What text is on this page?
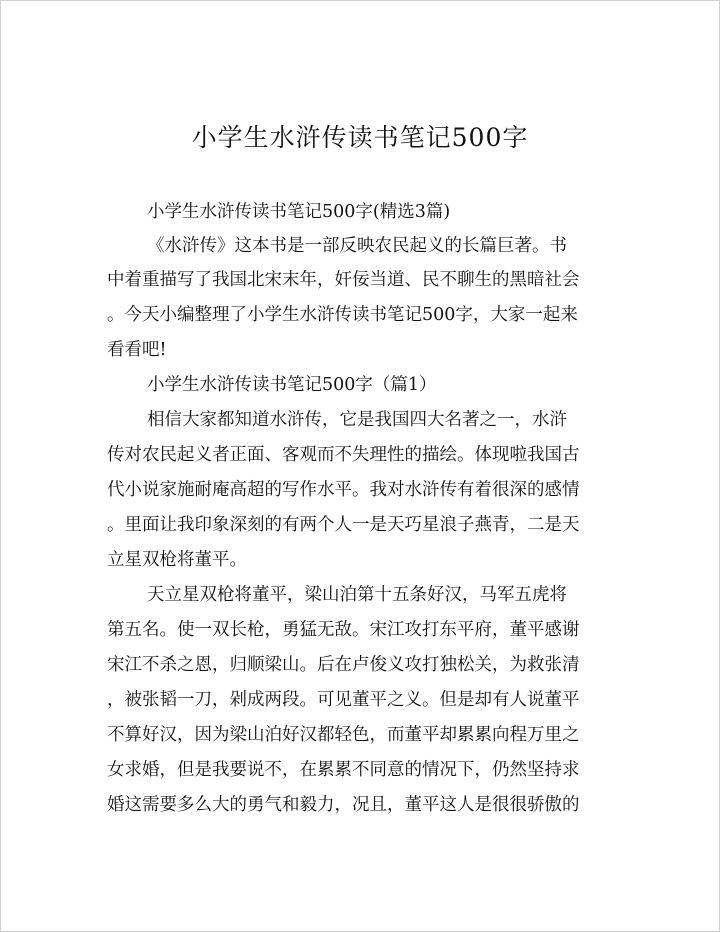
小学生水浒传读书笔记500字
小学生水浒传读书笔记500字(精选3篇)
《水浒传》这本书是一部反映农民起义的长篇巨著。书
中着重描写了我国北宋末年，奸佞当道、民不聊生的黑暗社会
。今天小编整理了小学生水浒传读书笔记500字，大家一起来
看看吧!
小学生水浒传读书笔记500字（篇1）
相信大家都知道水浒传，它是我国四大名著之一，水浒
传对农民起义者正面、客观而不失理性的描绘。体现啦我国古
代小说家施耐庵高超的写作水平。我对水浒传有着很深的感情
。里面让我印象深刻的有两个人一是天巧星浪子燕青，二是天
立星双枪将董平。
天立星双枪将董平，梁山泊第十五条好汉，马军五虎将
第五名。使一双长枪，勇猛无敌。宋江攻打东平府，董平感谢
宋江不杀之恩，归顺梁山。后在卢俊义攻打独松关，为救张清
，被张韬一刀，剁成两段。可见董平之义。但是却有人说董平
不算好汉，因为梁山泊好汉都轻色，而董平却累累向程万里之
女求婚，但是我要说不，在累累不同意的情况下，仍然坚持求
婚这需要多么大的勇气和毅力，况且，董平这人是很很骄傲的
